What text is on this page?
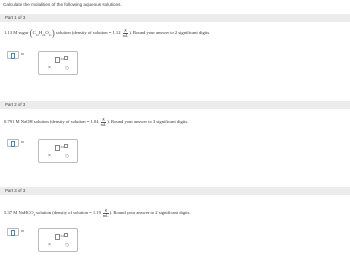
Calculate the molalities of the following aqueous solutions.
Part 1 of 3
1.13 M sugar $(C_{12}H_{22}O_{11})$ solution (density of solution = $1.12 \frac{g}{mL}$ ). Round your answer to 2 significant digits.
m
×10
×
Part 2 of 3
0.791 M NaOH solution (density of solution = $1.04 \frac{g}{mL}$ ). Round your answer to 3 significant digits.
m
×10
×
Part 3 of 3
5.37 M NaHCO$_3$ solution (density of solution = $1.19 \frac{g}{mL}$ ). Round your answer to 2 significant digits.
m
×10
×
